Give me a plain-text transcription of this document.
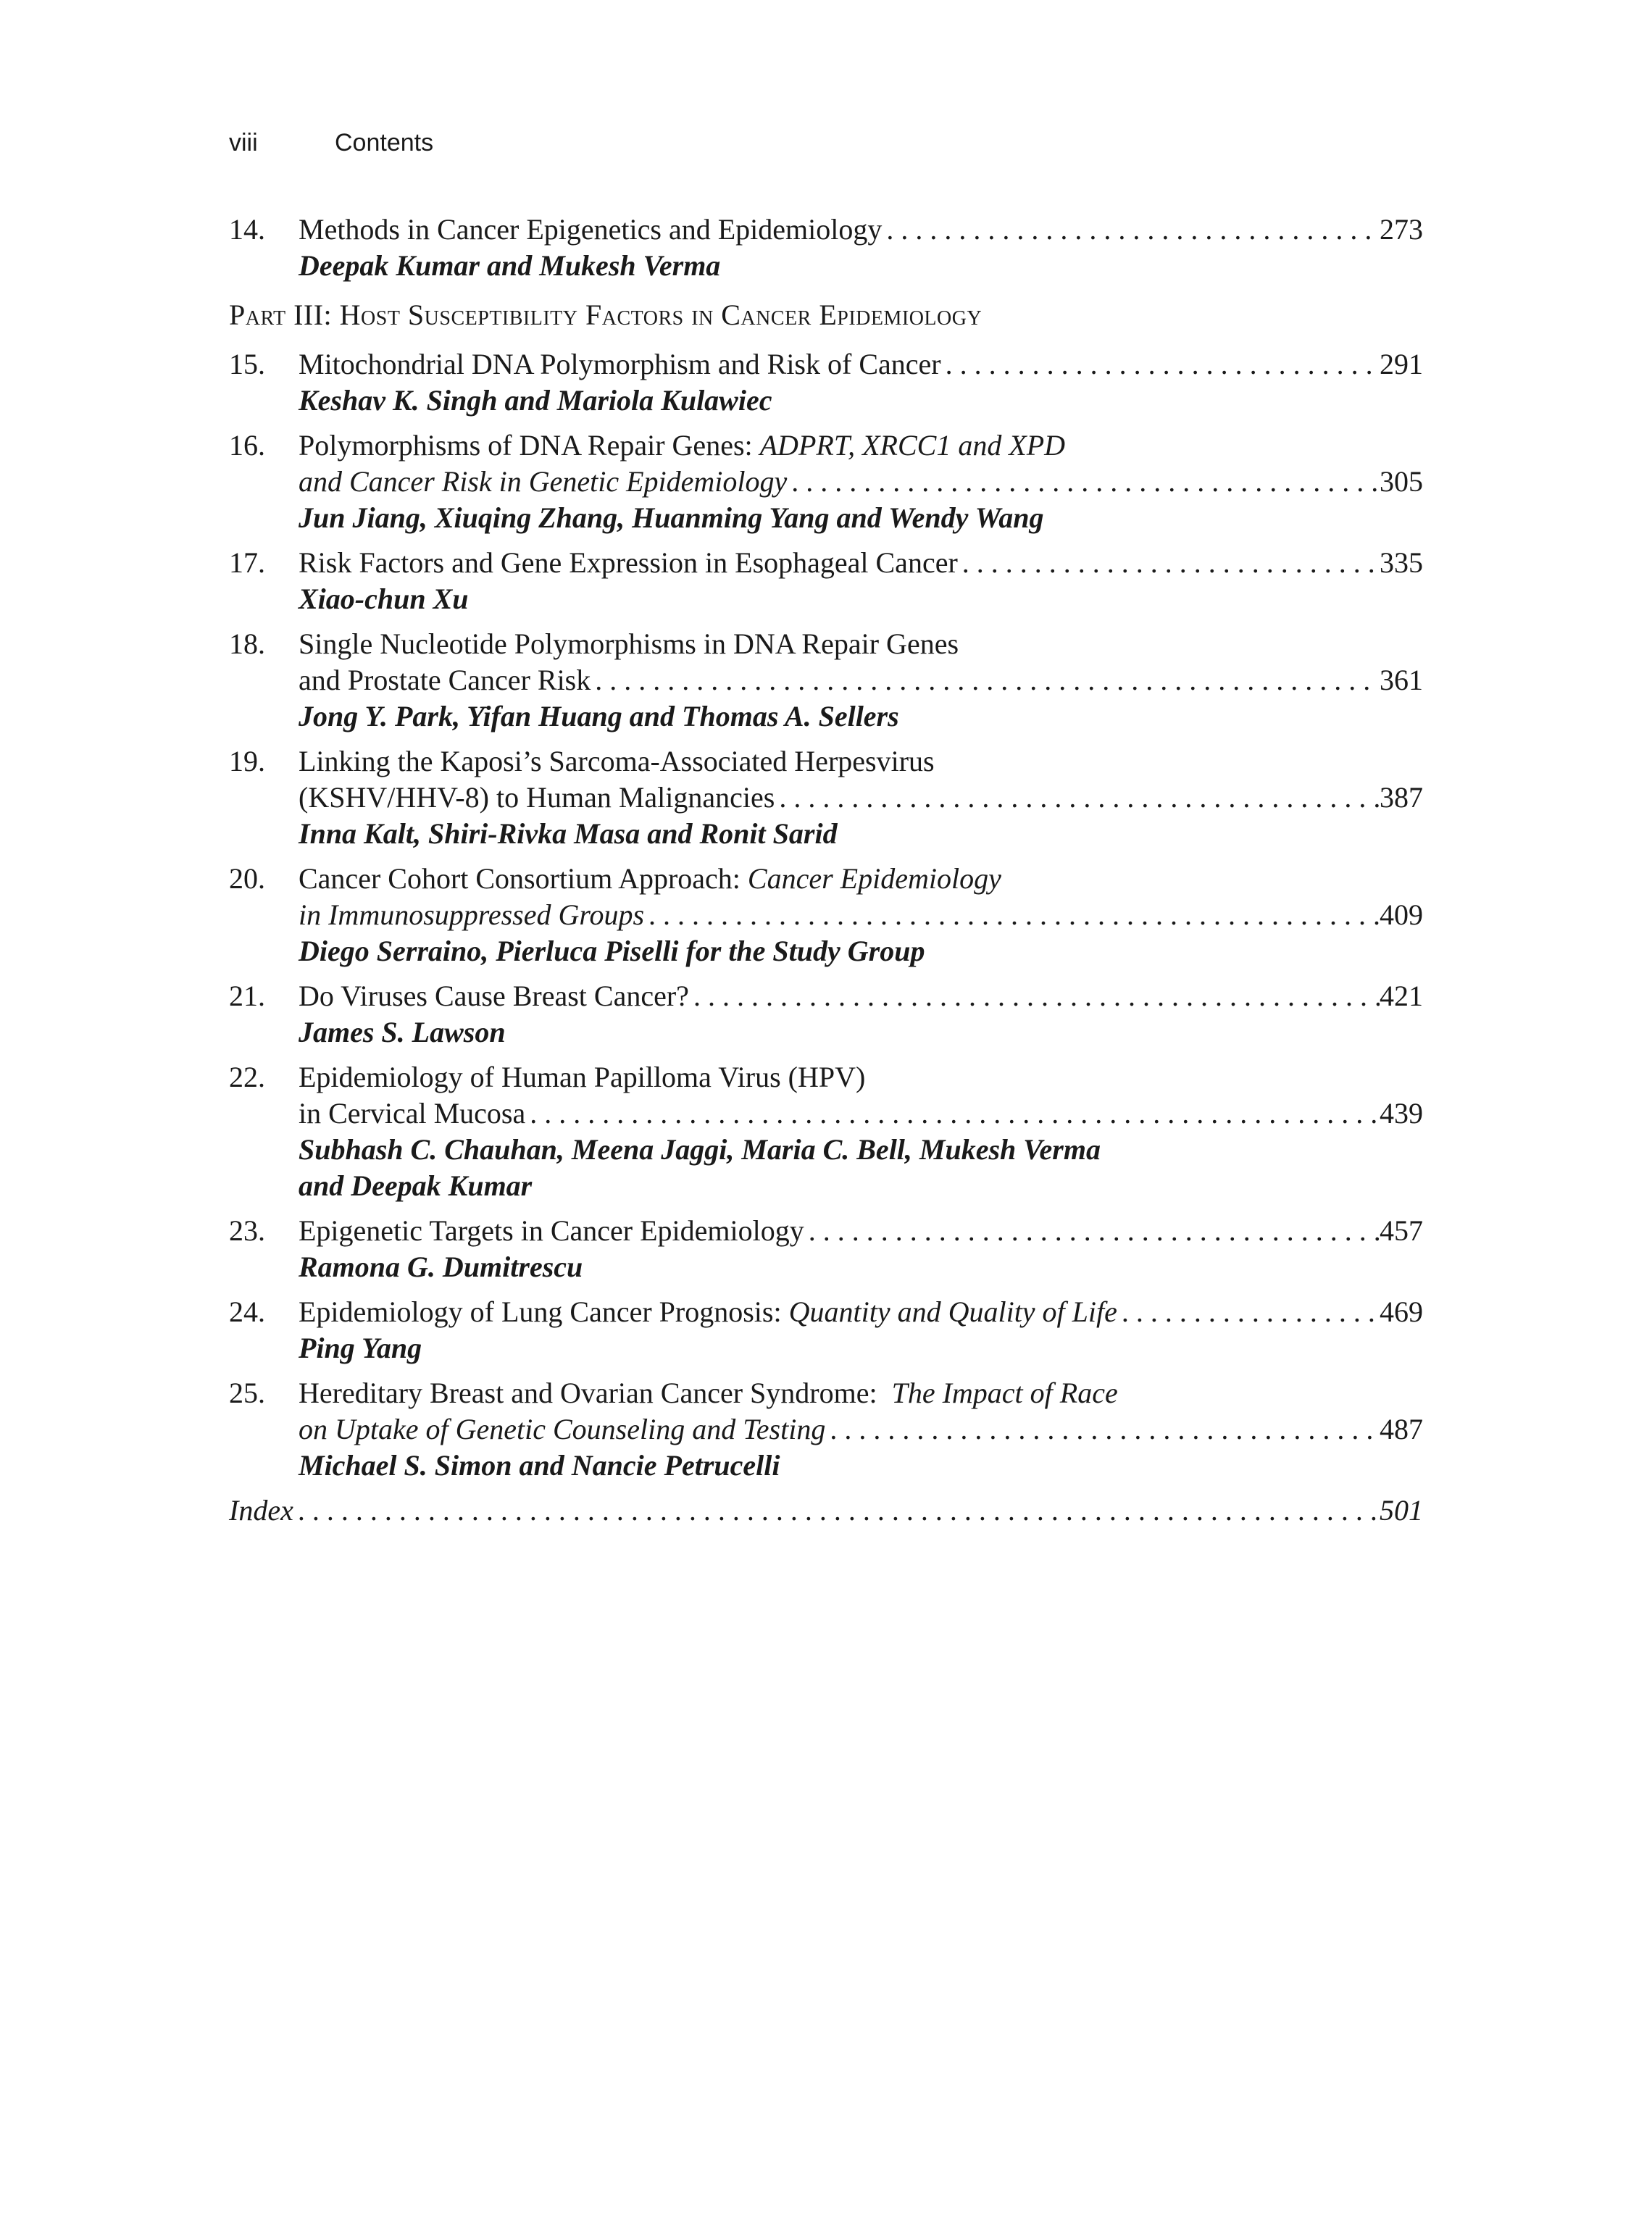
viii	Contents
14.	Methods in Cancer Epigenetics and Epidemiology . . .	273
Deepak Kumar and Mukesh Verma
Part III: Host Susceptibility Factors in Cancer Epidemiology
15.	Mitochondrial DNA Polymorphism and Risk of Cancer . . .	291
Keshav K. Singh and Mariola Kulawiec
16.	Polymorphisms of DNA Repair Genes: ADPRT, XRCC1 and XPD
and Cancer Risk in Genetic Epidemiology . . .	305
Jun Jiang, Xiuqing Zhang, Huanming Yang and Wendy Wang
17.	Risk Factors and Gene Expression in Esophageal Cancer . . .	335
Xiao-chun Xu
18.	Single Nucleotide Polymorphisms in DNA Repair Genes
and Prostate Cancer Risk . . .	361
Jong Y. Park, Yifan Huang and Thomas A. Sellers
19.	Linking the Kaposi’s Sarcoma-Associated Herpesvirus
(KSHV/HHV-8) to Human Malignancies . . .	387
Inna Kalt, Shiri-Rivka Masa and Ronit Sarid
20.	Cancer Cohort Consortium Approach: Cancer Epidemiology
in Immunosuppressed Groups . . .	409
Diego Serraino, Pierluca Piselli for the Study Group
21.	Do Viruses Cause Breast Cancer? . . .	421
James S. Lawson
22.	Epidemiology of Human Papilloma Virus (HPV)
in Cervical Mucosa . . .	439
Subhash C. Chauhan, Meena Jaggi, Maria C. Bell, Mukesh Verma
and Deepak Kumar
23.	Epigenetic Targets in Cancer Epidemiology . . .	457
Ramona G. Dumitrescu
24.	Epidemiology of Lung Cancer Prognosis: Quantity and Quality of Life . . .	469
Ping Yang
25.	Hereditary Breast and Ovarian Cancer Syndrome:  The Impact of Race
on Uptake of Genetic Counseling and Testing . . .	487
Michael S. Simon and Nancie Petrucelli
Index . . .	501
